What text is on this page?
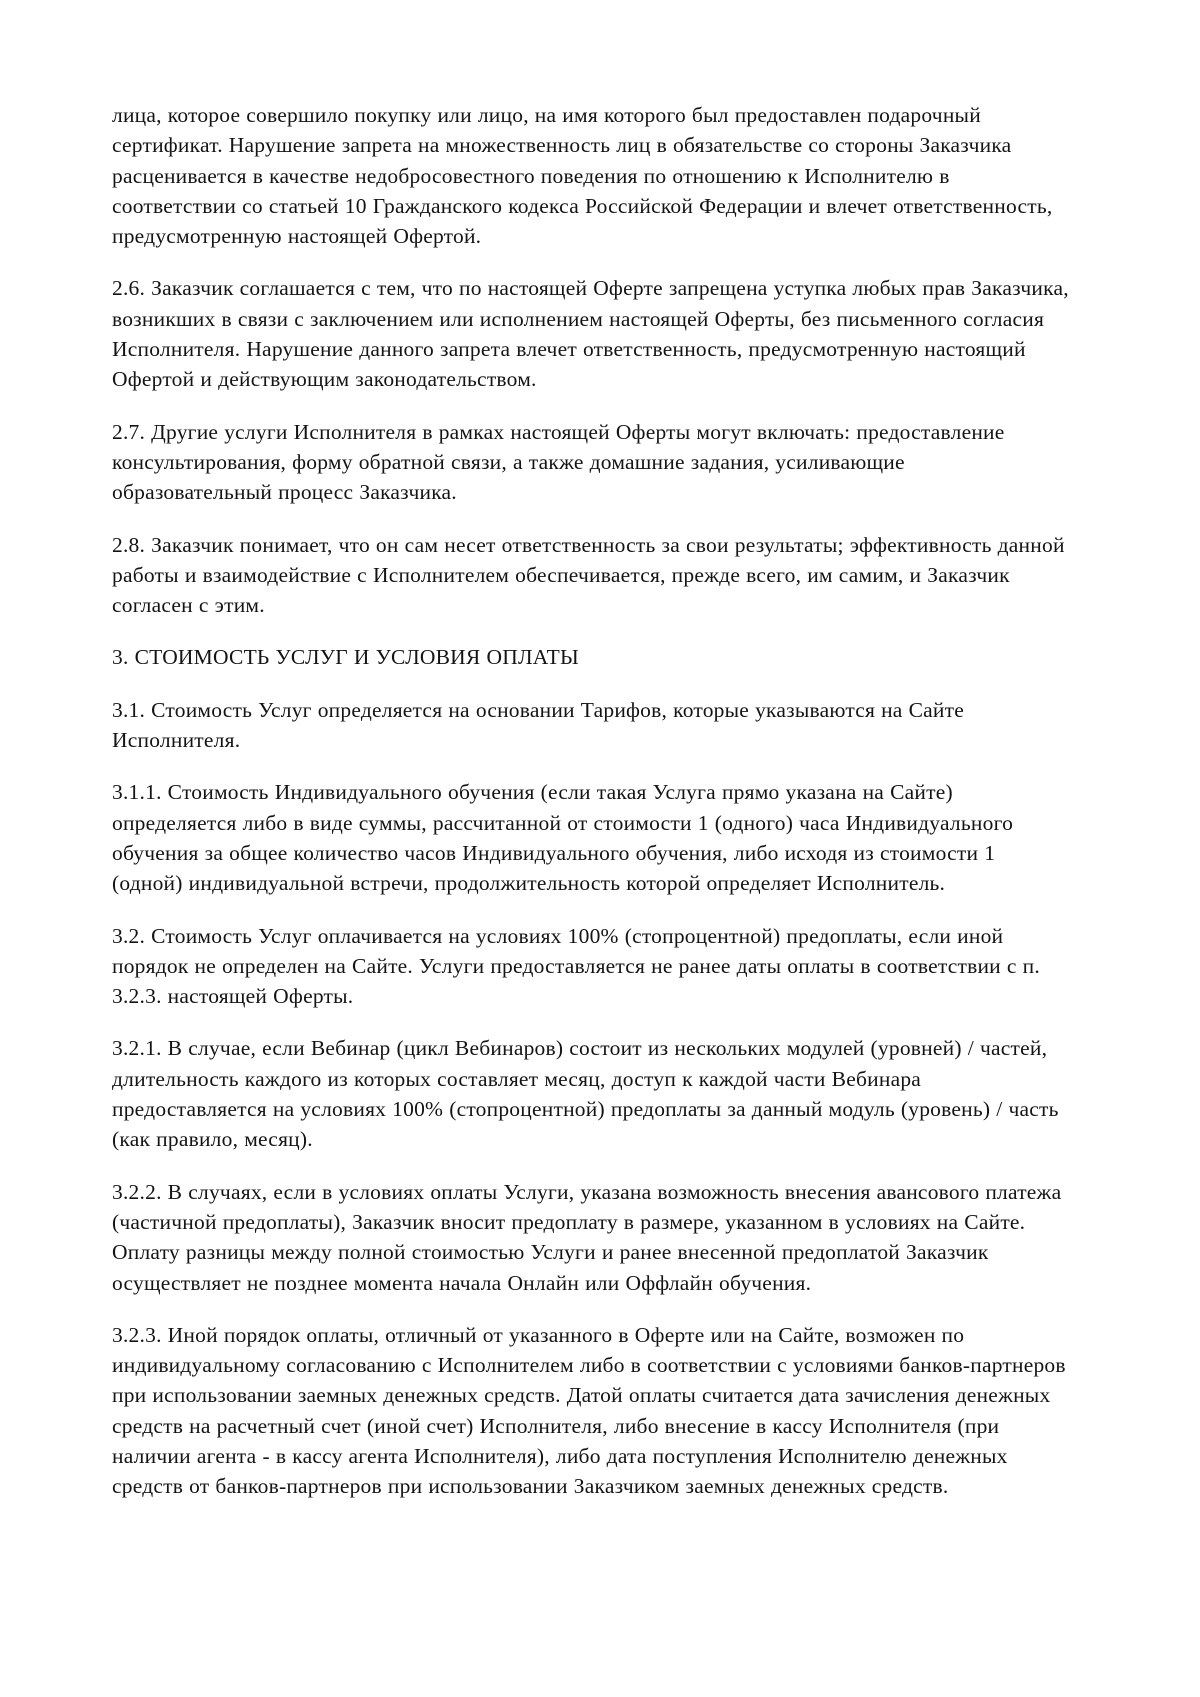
лица, которое совершило покупку или лицо, на имя которого был предоставлен подарочный сертификат. Нарушение запрета на множественность лиц в обязательстве со стороны Заказчика расценивается в качестве недобросовестного поведения по отношению к Исполнителю в соответствии со статьей 10 Гражданского кодекса Российской Федерации и влечет ответственность, предусмотренную настоящей Офертой.

2.6. Заказчик соглашается с тем, что по настоящей Оферте запрещена уступка любых прав Заказчика, возникших в связи с заключением или исполнением настоящей Оферты, без письменного согласия Исполнителя. Нарушение данного запрета влечет ответственность, предусмотренную настоящий Офертой и действующим законодательством.

2.7. Другие услуги Исполнителя в рамках настоящей Оферты могут включать: предоставление консультирования, форму обратной связи, а также домашние задания, усиливающие образовательный процесс Заказчика.

2.8. Заказчик понимает, что он сам несет ответственность за свои результаты; эффективность данной работы и взаимодействие с Исполнителем обеспечивается, прежде всего, им самим, и Заказчик согласен с этим.

3. СТОИМОСТЬ УСЛУГ И УСЛОВИЯ ОПЛАТЫ

3.1. Стоимость Услуг определяется на основании Тарифов, которые указываются на Сайте Исполнителя.

3.1.1. Стоимость Индивидуального обучения (если такая Услуга прямо указана на Сайте) определяется либо в виде суммы, рассчитанной от стоимости 1 (одного) часа Индивидуального обучения за общее количество часов Индивидуального обучения, либо исходя из стоимости 1 (одной) индивидуальной встречи, продолжительность которой определяет Исполнитель.

3.2. Стоимость Услуг оплачивается на условиях 100% (стопроцентной) предоплаты, если иной порядок не определен на Сайте. Услуги предоставляется не ранее даты оплаты в соответствии с п. 3.2.3. настоящей Оферты.

3.2.1. В случае, если Вебинар (цикл Вебинаров) состоит из нескольких модулей (уровней) / частей, длительность каждого из которых составляет месяц, доступ к каждой части Вебинара предоставляется на условиях 100% (стопроцентной) предоплаты за данный модуль (уровень) / часть (как правило, месяц).

3.2.2. В случаях, если в условиях оплаты Услуги, указана возможность внесения авансового платежа (частичной предоплаты), Заказчик вносит предоплату в размере, указанном в условиях на Сайте. Оплату разницы между полной стоимостью Услуги и ранее внесенной предоплатой Заказчик осуществляет не позднее момента начала Онлайн или Оффлайн обучения.

3.2.3. Иной порядок оплаты, отличный от указанного в Оферте или на Сайте, возможен по индивидуальному согласованию с Исполнителем либо в соответствии с условиями банков-партнеров при использовании заемных денежных средств. Датой оплаты считается дата зачисления денежных средств на расчетный счет (иной счет) Исполнителя, либо внесение в кассу Исполнителя (при наличии агента - в кассу агента Исполнителя), либо дата поступления Исполнителю денежных средств от банков-партнеров при использовании Заказчиком заемных денежных средств.
